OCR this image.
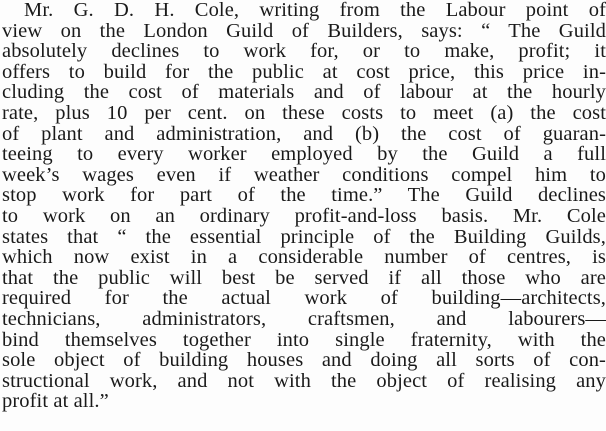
Mr. G. D. H. Cole, writing from the Labour point of
view on the London Guild of Builders, says: “ The Guild
absolutely declines to work for, or to make, profit; it
offers to build for the public at cost price, this price in-
cluding the cost of materials and of labour at the hourly
rate, plus 10 per cent. on these costs to meet (a) the cost
of plant and administration, and (b) the cost of guaran-
teeing to every worker employed by the Guild a full
week’s wages even if weather conditions compel him to
stop work for part of the time.” The Guild declines
to work on an ordinary profit-and-loss basis. Mr. Cole
states that “ the essential principle of the Building Guilds,
which now exist in a considerable number of centres, is
that the public will best be served if all those who are
required for the actual work of building—architects,
technicians, administrators, craftsmen, and labourers—
bind themselves together into single fraternity, with the
sole object of building houses and doing all sorts of con-
structional work, and not with the object of realising any
profit at all.”
